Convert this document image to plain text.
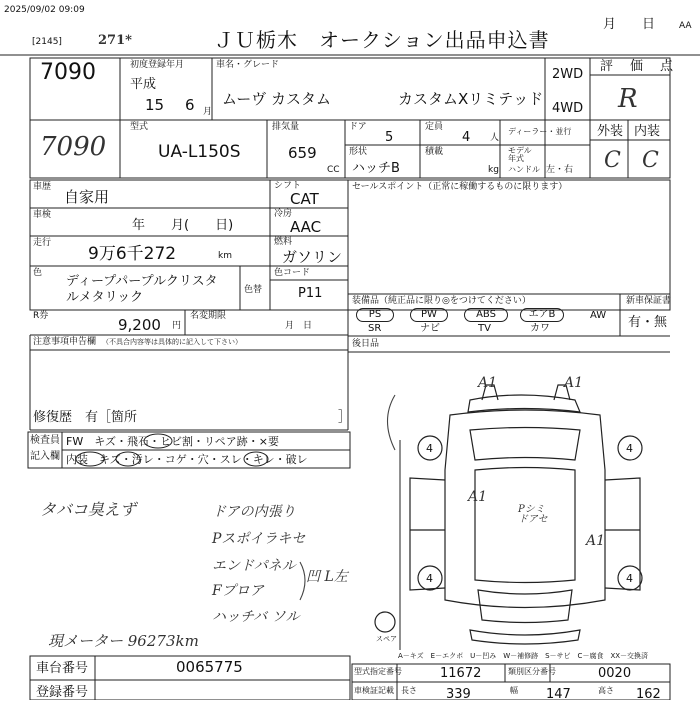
2025/09/02 09:09
[2145]	271*	ＪＵ栃木　オークション出品申込書
月　　日	AA
7090
7090
初度登録年月
平成
15 6 月
車名・グレード
ムーヴ カスタム	カスタムXリミテッド
2WD
4WD
評　価　点
R
型式
UA-L150S
排気量
659
CC
ドア
5
定員
4 人
ディーラー・並行
形状
ハッチB
積載
kg
モデル年式
ハンドル 左・右
外装 内装
C C
車歴
自家用
シフト
CAT
車検
年　　月(　　日)
冷房
AAC
走行
9万6千272	km
燃料
ガソリン
色
ディープパープルクリスタ
ルメタリック	色替
色コード
P11
R券	9,200 円
名変期限
月　日
セールスポイント（正常に稼働するものに限ります）
装備品（純正品に限り◎をつけてください）
PS	PW	ABS	エアB	AW
SR	ナビ	TV	カワ
新車保証書
有・無
注意事項申告欄 （不具合内容等は具体的に記入して下さい）	後日品
修復歴　有［箇所	］
検査員
記入欄
FW　キズ・飛石・ヒビ割・リペア跡・×要
内装　キズ・汚レ・コゲ・穴・スレ・キレ・破レ
タバコ臭えず	ドアの内張り
Pスポイラキセ
エンドパネル
Fプロア
ハッチバ ソル
凹 L左
現メーター 96273km
A1	A1
A1
A1
4	4
4	4
Pシミ
ドアセ
スペア
A－キズ　E－エクボ　U－凹み　W－補修跡　S－サビ　C－腐食　XX－交換済
車台番号	0065775
登録番号
型式指定番号	11672	類別区分番号	0020
車検証記載 長さ 339	幅 147	高さ 162
